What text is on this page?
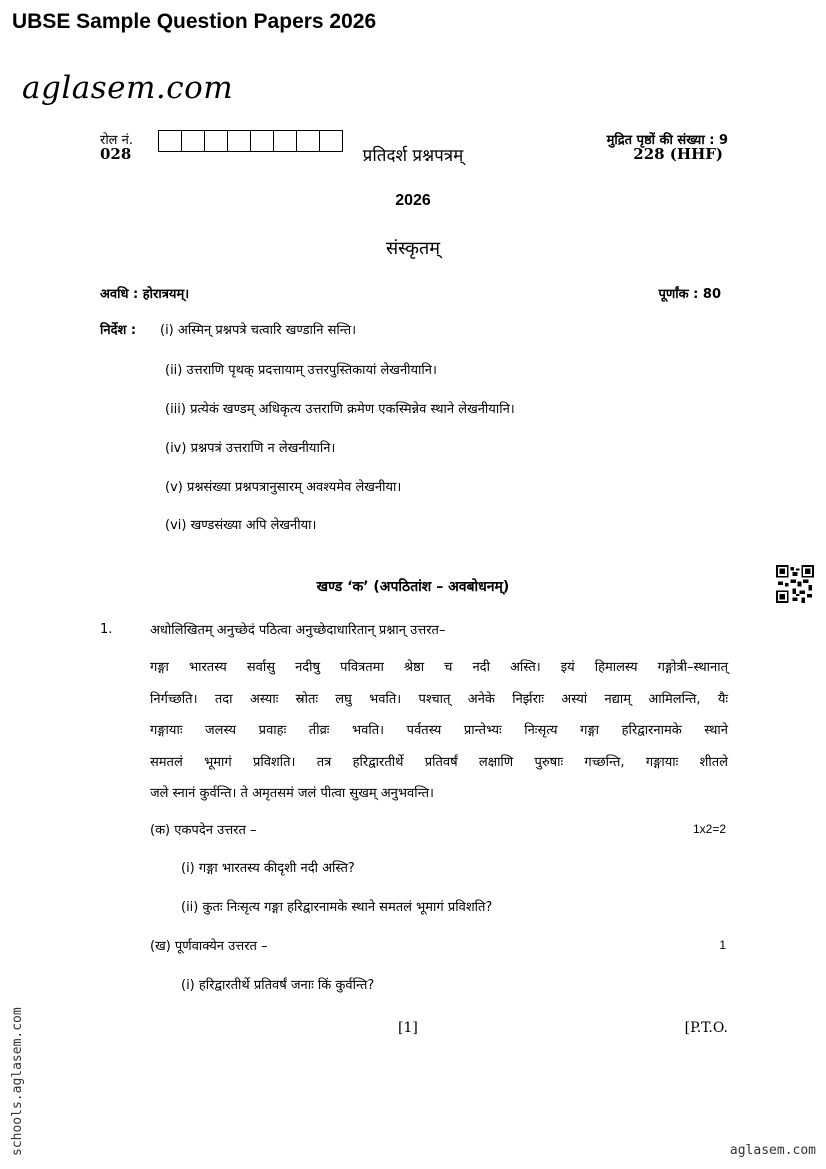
UBSE Sample Question Papers 2026
aglasem.com
रोल नं.	मुद्रित पृष्ठों की संख्या : 9
028	प्रतिदर्श प्रश्नपत्रम्	228 (HHF)
2026
संस्कृतम्
अवधि : होरात्रयम्।	पूर्णांक : 80
निर्देश : (i) अस्मिन् प्रश्नपत्रे चत्वारि खण्डानि सन्ति।
(ii) उत्तराणि पृथक् प्रदत्तायाम् उत्तरपुस्तिकायां लेखनीयानि।
(iii) प्रत्येकं खण्डम् अधिकृत्य उत्तराणि क्रमेण एकस्मिन्नेव स्थाने लेखनीयानि।
(iv) प्रश्नपत्रं उत्तराणि न लेखनीयानि।
(v) प्रश्नसंख्या प्रश्नपत्रानुसारम् अवश्यमेव लेखनीया।
(vi) खण्डसंख्या अपि लेखनीया।
खण्ड ‘क’ (अपठितांश – अवबोधनम्)
1.	अधोलिखितम् अनुच्छेदं पठित्वा अनुच्छेदाधारितान् प्रश्नान् उत्तरत–
गङ्गा भारतस्य सर्वासु नदीषु पवित्रतमा श्रेष्ठा च नदी अस्ति। इयं हिमालस्य गङ्गोत्री–स्थानात्
निर्गच्छति। तदा अस्याः स्रोतः लघु भवति। पश्चात् अनेके निर्झराः अस्यां नद्याम् आमिलन्ति, यैः
गङ्गायाः जलस्य प्रवाहः तीव्रः भवति। पर्वतस्य प्रान्तेभ्यः निःसृत्य गङ्गा हरिद्वारनामके स्थाने
समतलं भूमागं प्रविशति। तत्र हरिद्वारतीर्थे प्रतिवर्षं लक्षाणि पुरुषाः गच्छन्ति, गङ्गायाः शीतले
जले स्नानं कुर्वन्ति। ते अमृतसमं जलं पीत्वा सुखम् अनुभवन्ति।
(क) एकपदेन उत्तरत –	1x2=2
(i) गङ्गा भारतस्य कीदृशी नदी अस्ति?
(ii) कुतः निःसृत्य गङ्गा हरिद्वारनामके स्थाने समतलं भूमागं प्रविशति?
(ख) पूर्णवाक्येन उत्तरत –	1
(i) हरिद्वारतीर्थे प्रतिवर्षं जनाः किं कुर्वन्ति?
[1]	[P.T.O.
schools.aglasem.com	aglasem.com
